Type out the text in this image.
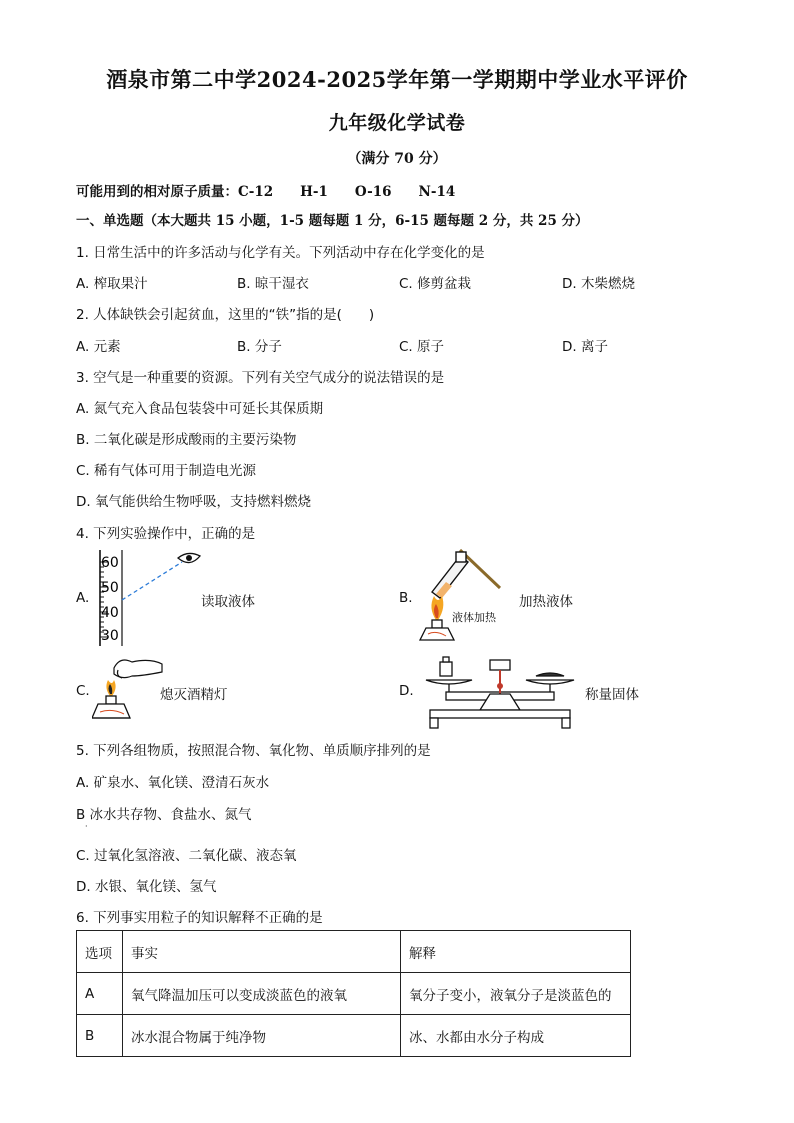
酒泉市第二中学2024-2025学年第一学期期中学业水平评价
九年级化学试卷
（满分 70 分）
可能用到的相对原子质量：C-12　　H-1　　O-16　　N-14
一、单选题（本大题共 15 小题，1-5 题每题 1 分，6-15 题每题 2 分，共 25 分）
1. 日常生活中的许多活动与化学有关。下列活动中存在化学变化的是
A. 榨取果汁	B. 晾干湿衣	C. 修剪盆栽	D. 木柴燃烧
2. 人体缺铁会引起贫血，这里的“铁”指的是(　　)
A. 元素	B. 分子	C. 原子	D. 离子
3. 空气是一种重要的资源。下列有关空气成分的说法错误的是
A. 氮气充入食品包装袋中可延长其保质期
B. 二氧化碳是形成酸雨的主要污染物
C. 稀有气体可用于制造电光源
D. 氧气能供给生物呼吸，支持燃料燃烧
4. 下列实验操作中，正确的是
A.
60
50
40
30
读取液体	B.
液体加热
加热液体
C.	熄灭酒精灯	D.	称量固体
5. 下列各组物质，按照混合物、氧化物、单质顺序排列的是
A. 矿泉水、氧化镁、澄清石灰水
B 冰水共存物、食盐水、氮气
·
C. 过氧化氢溶液、二氧化碳、液态氧
D. 水银、氧化镁、氢气
6. 下列事实用粒子的知识解释不正确的是
选项	事实	解释
A	氧气降温加压可以变成淡蓝色的液氧	氧分子变小，液氧分子是淡蓝色的
B	冰水混合物属于纯净物	冰、水都由水分子构成
